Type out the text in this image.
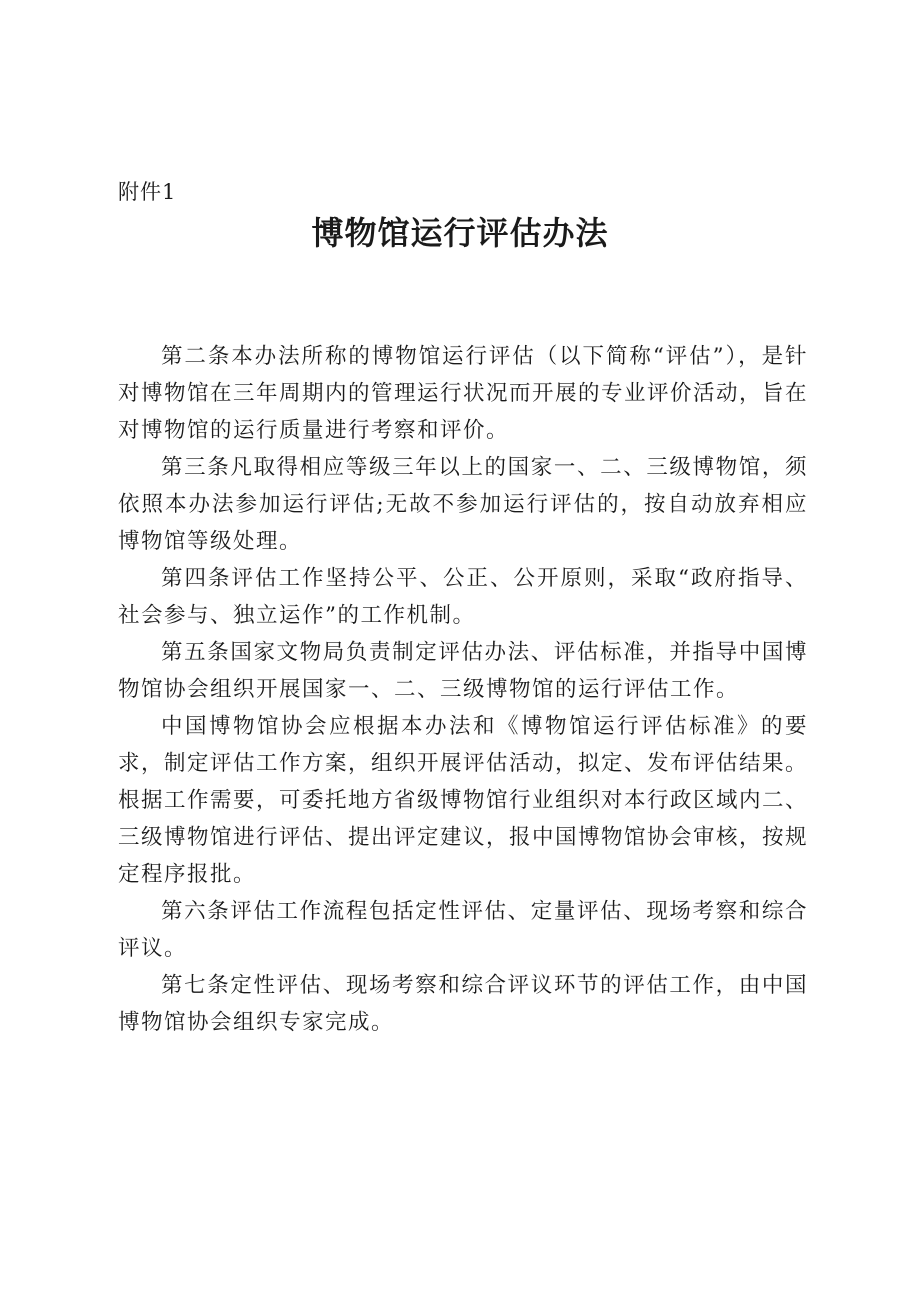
附件1
博物馆运行评估办法

第二条本办法所称的博物馆运行评估（以下简称“评估”），是针对博物馆在三年周期内的管理运行状况而开展的专业评价活动，旨在对博物馆的运行质量进行考察和评价。

第三条凡取得相应等级三年以上的国家一、二、三级博物馆，须依照本办法参加运行评估;无故不参加运行评估的，按自动放弃相应博物馆等级处理。

第四条评估工作坚持公平、公正、公开原则，采取“政府指导、社会参与、独立运作”的工作机制。

第五条国家文物局负责制定评估办法、评估标准，并指导中国博物馆协会组织开展国家一、二、三级博物馆的运行评估工作。

中国博物馆协会应根据本办法和《博物馆运行评估标准》的要求，制定评估工作方案，组织开展评估活动，拟定、发布评估结果。根据工作需要，可委托地方省级博物馆行业组织对本行政区域内二、三级博物馆进行评估、提出评定建议，报中国博物馆协会审核，按规定程序报批。

第六条评估工作流程包括定性评估、定量评估、现场考察和综合评议。

第七条定性评估、现场考察和综合评议环节的评估工作，由中国博物馆协会组织专家完成。
